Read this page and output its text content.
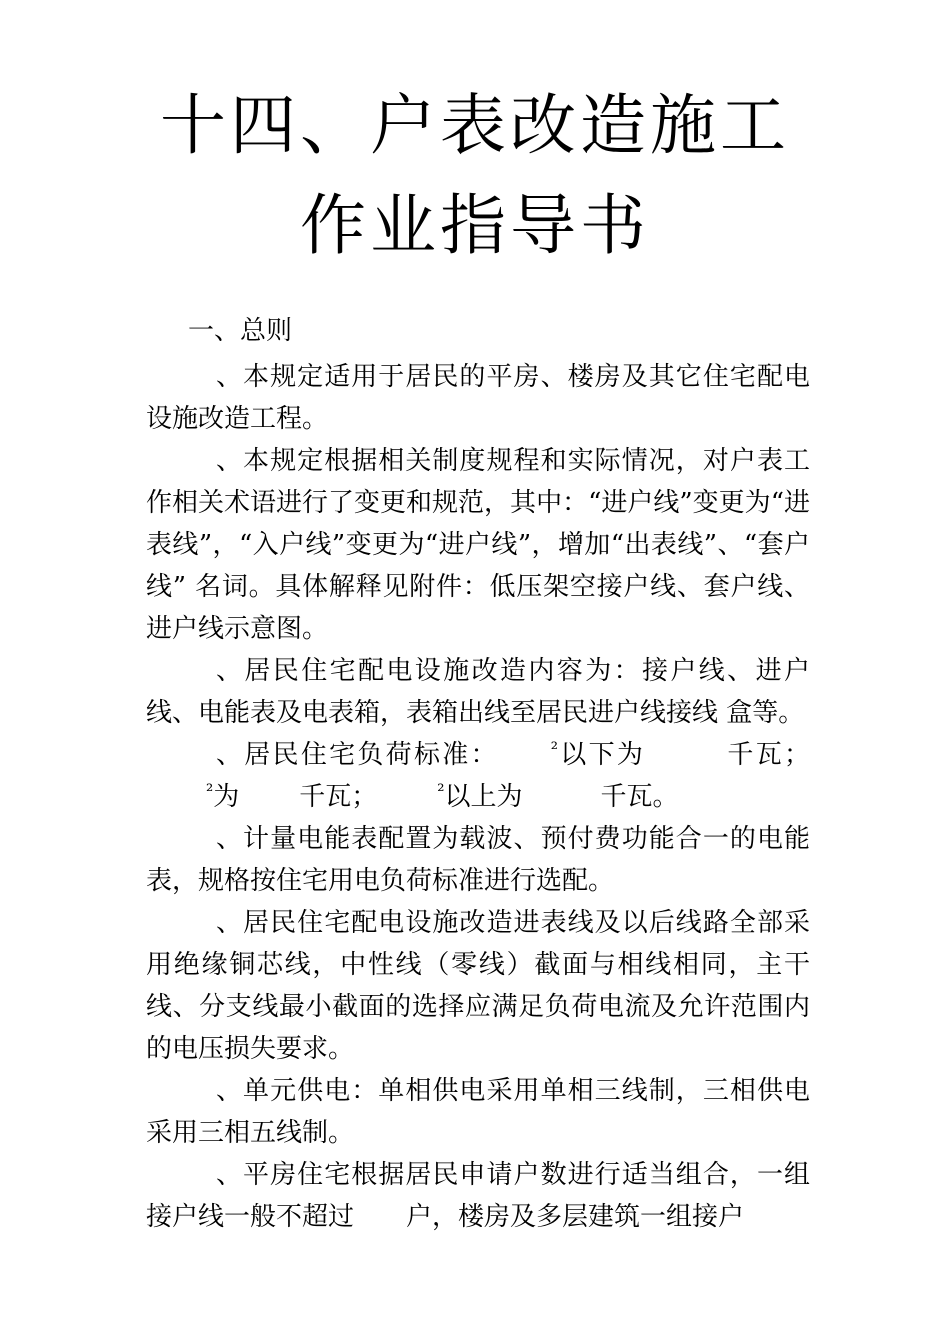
十四、户表改造施工
作业指导书
一、总则

、本规定适用于居民的平房、楼房及其它住宅配电设施改造工程。

、本规定根据相关制度规程和实际情况，对户表工作相关术语进行了变更和规范，其中：“进户线”变更为“进表线”，“入户线”变更为“进户线”，增加“出表线”、“套户线” 名词。具体解释见附件：低压架空接户线、套户线、进户线示意图。

、居民住宅配电设施改造内容为：接户线、进户线、电能表及电表箱，表箱出线至居民进户线接线 盒等。

、居民住宅负荷标准：	$^{^2}$以下为	千瓦；$^{^2}$为 千瓦；	$^{^2}$以上为	千瓦。

、计量电能表配置为载波、预付费功能合一的电能表，规格按住宅用电负荷标准进行选配。

、居民住宅配电设施改造进表线及以后线路全部采用绝缘铜芯线，中性线（零线）截面与相线相同，主干线、分支线最小截面的选择应满足负荷电流及允许范围内的电压损失要求。

、单元供电：单相供电采用单相三线制，三相供电采用三相五线制。

、平房住宅根据居民申请户数进行适当组合，一组接户线一般不超过 户，楼房及多层建筑一组接户
